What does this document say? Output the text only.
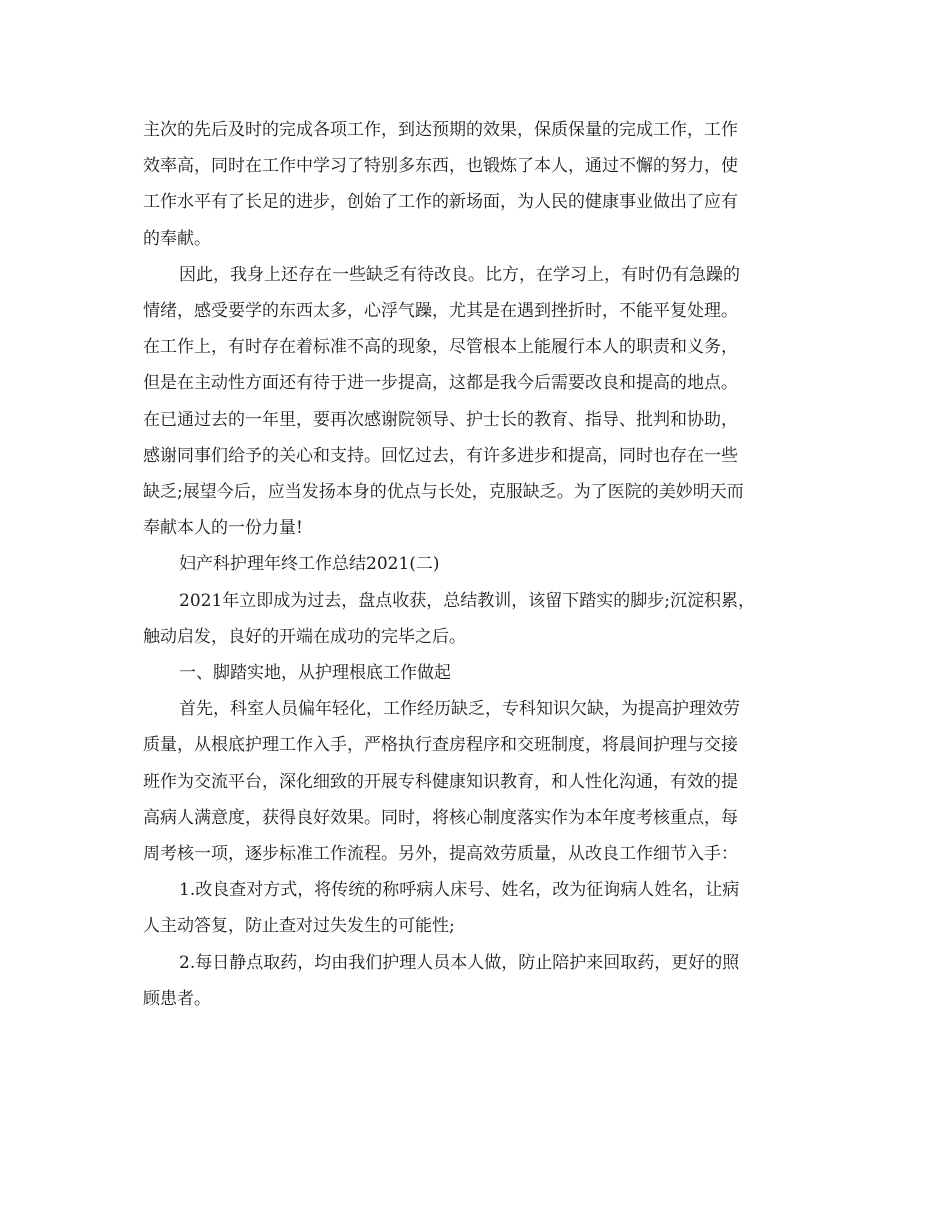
主次的先后及时的完成各项工作，到达预期的效果，保质保量的完成工作，工作
效率高，同时在工作中学习了特别多东西，也锻炼了本人，通过不懈的努力，使
工作水平有了长足的进步，创始了工作的新场面，为人民的健康事业做出了应有
的奉献。
因此，我身上还存在一些缺乏有待改良。比方，在学习上，有时仍有急躁的
情绪，感受要学的东西太多，心浮气躁，尤其是在遇到挫折时，不能平复处理。
在工作上，有时存在着标准不高的现象，尽管根本上能履行本人的职责和义务，
但是在主动性方面还有待于进一步提高，这都是我今后需要改良和提高的地点。
在已通过去的一年里，要再次感谢院领导、护士长的教育、指导、批判和协助，
感谢同事们给予的关心和支持。回忆过去，有许多进步和提高，同时也存在一些
缺乏;展望今后，应当发扬本身的优点与长处，克服缺乏。为了医院的美妙明天而
奉献本人的一份力量!
妇产科护理年终工作总结2021(二)
2021年立即成为过去，盘点收获，总结教训，该留下踏实的脚步;沉淀积累，
触动启发，良好的开端在成功的完毕之后。
一、脚踏实地，从护理根底工作做起
首先，科室人员偏年轻化，工作经历缺乏，专科知识欠缺，为提高护理效劳
质量，从根底护理工作入手，严格执行查房程序和交班制度，将晨间护理与交接
班作为交流平台，深化细致的开展专科健康知识教育，和人性化沟通，有效的提
高病人满意度，获得良好效果。同时，将核心制度落实作为本年度考核重点，每
周考核一项，逐步标准工作流程。另外，提高效劳质量，从改良工作细节入手：
1.改良查对方式，将传统的称呼病人床号、姓名，改为征询病人姓名，让病
人主动答复，防止查对过失发生的可能性;
2.每日静点取药，均由我们护理人员本人做，防止陪护来回取药，更好的照
顾患者。
